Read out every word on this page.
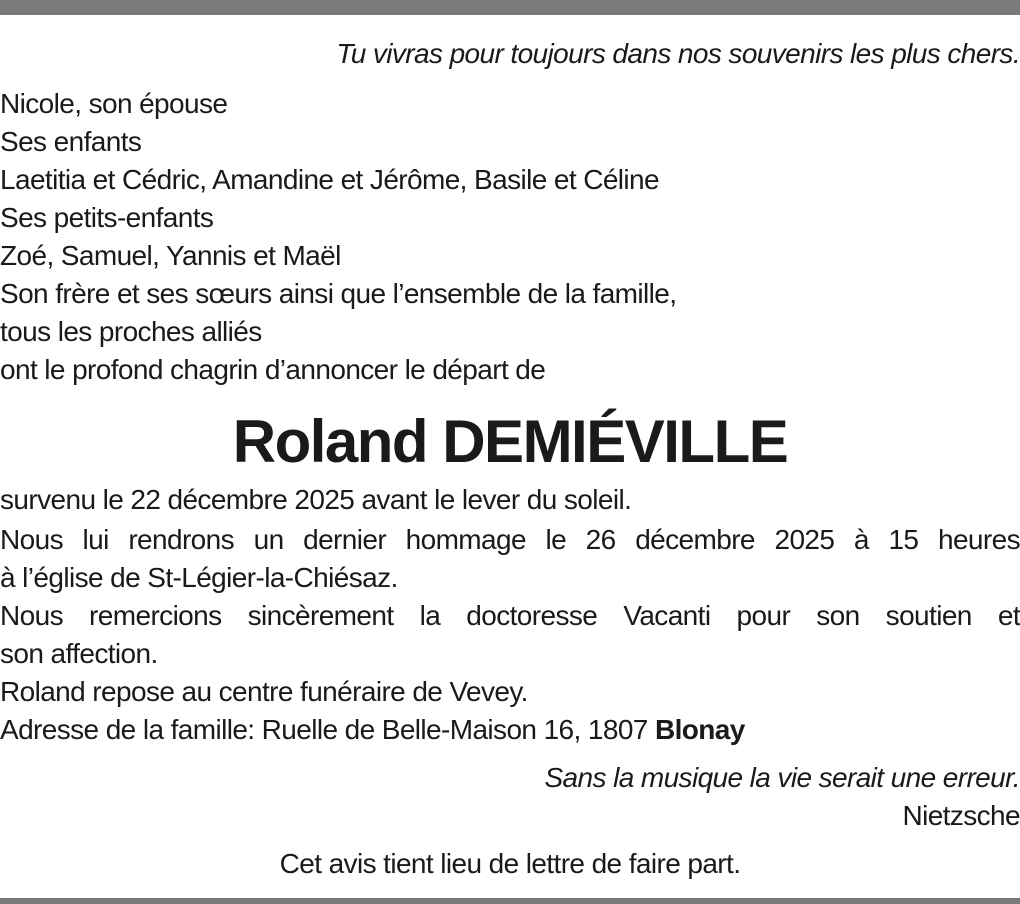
Tu vivras pour toujours dans nos souvenirs les plus chers.
Nicole, son épouse
Ses enfants
Laetitia et Cédric, Amandine et Jérôme, Basile et Céline
Ses petits-enfants
Zoé, Samuel, Yannis et Maël
Son frère et ses sœurs ainsi que l’ensemble de la famille,
tous les proches alliés
ont le profond chagrin d’annoncer le départ de
Roland DEMIÉVILLE
survenu le 22 décembre 2025 avant le lever du soleil.
Nous lui rendrons un dernier hommage le 26 décembre 2025 à 15 heures
à l’église de St-Légier-la-Chiésaz.
Nous remercions sincèrement la doctoresse Vacanti pour son soutien et
son affection.
Roland repose au centre funéraire de Vevey.
Adresse de la famille: Ruelle de Belle-Maison 16, 1807 Blonay
Sans la musique la vie serait une erreur.
Nietzsche
Cet avis tient lieu de lettre de faire part.
